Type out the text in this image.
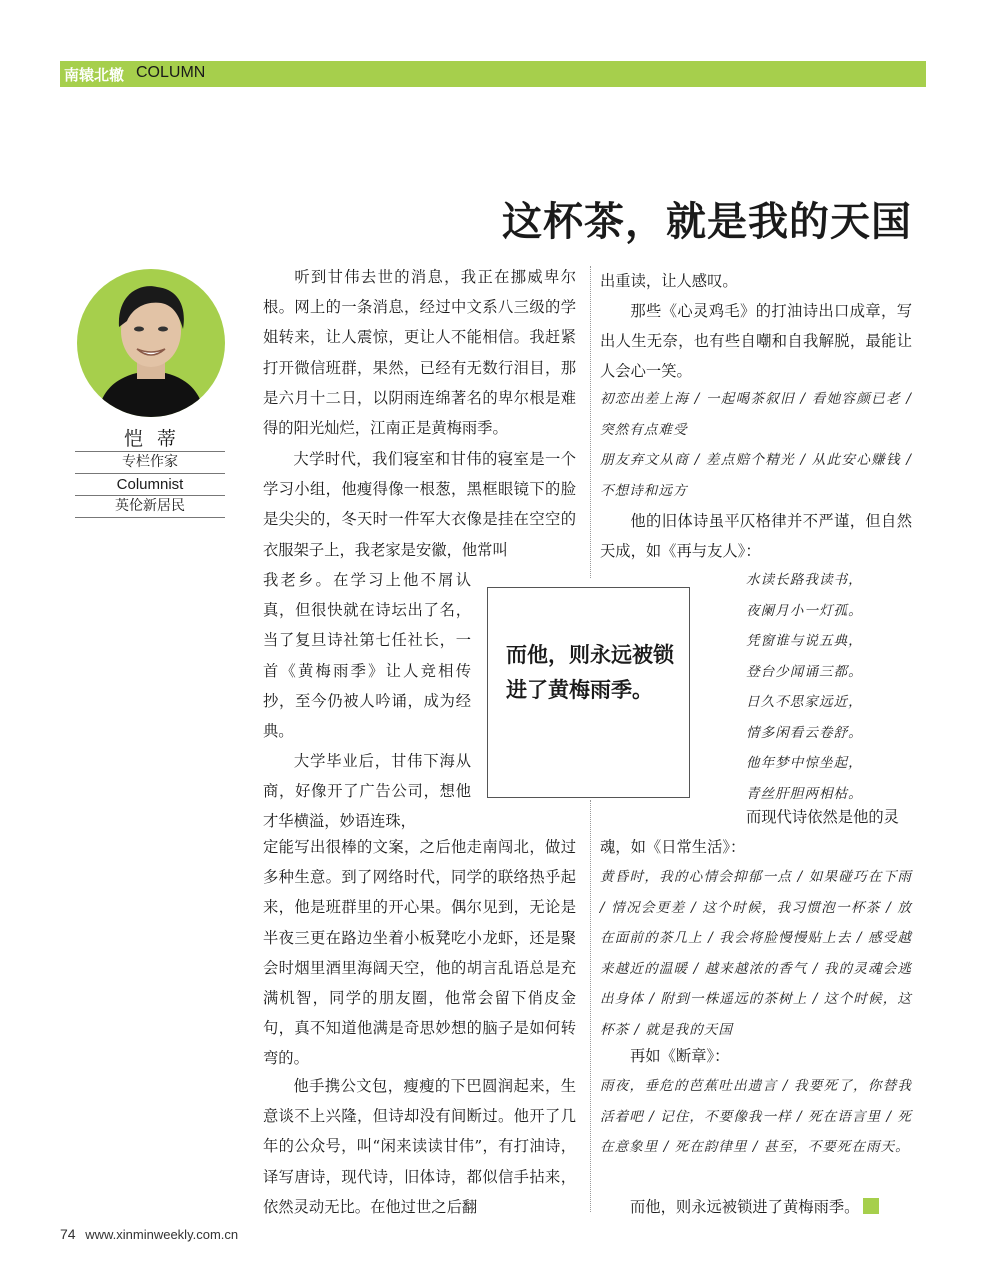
南辕北辙 COLUMN
这杯茶，就是我的天国
恺蒂
专栏作家
Columnist
英伦新居民
听到甘伟去世的消息，我正在挪威卑尔根。网上的一条消息，经过中文系八三级的学姐转来，让人震惊，更让人不能相信。我赶紧打开微信班群，果然，已经有无数行泪目，那是六月十二日，以阴雨连绵著名的卑尔根是难得的阳光灿烂，江南正是黄梅雨季。
大学时代，我们寝室和甘伟的寝室是一个学习小组，他瘦得像一根葱，黑框眼镜下的脸是尖尖的，冬天时一件军大衣像是挂在空空的衣服架子上，我老家是安徽，他常叫
我老乡。在学习上他不屑认真，但很快就在诗坛出了名，当了复旦诗社第七任社长，一首《黄梅雨季》让人竞相传抄，至今仍被人吟诵，成为经典。
大学毕业后，甘伟下海从商，好像开了广告公司，想他才华横溢，妙语连珠，
定能写出很棒的文案，之后他走南闯北，做过多种生意。到了网络时代，同学的联络热乎起来，他是班群里的开心果。偶尔见到，无论是半夜三更在路边坐着小板凳吃小龙虾，还是聚会时烟里酒里海阔天空，他的胡言乱语总是充满机智，同学的朋友圈，他常会留下俏皮金句，真不知道他满是奇思妙想的脑子是如何转弯的。
他手携公文包，瘦瘦的下巴圆润起来，生意谈不上兴隆，但诗却没有间断过。他开了几年的公众号，叫“闲来读读甘伟”，有打油诗，译写唐诗，现代诗，旧体诗，都似信手拈来，依然灵动无比。在他过世之后翻
而他，则永远被锁进了黄梅雨季。
出重读，让人感叹。
那些《心灵鸡毛》的打油诗出口成章，写出人生无奈，也有些自嘲和自我解脱，最能让人会心一笑。
初恋出差上海 / 一起喝茶叙旧 / 看她容颜已老 / 突然有点难受
朋友弃文从商 / 差点赔个精光 / 从此安心赚钱 / 不想诗和远方
他的旧体诗虽平仄格律并不严谨，但自然天成，如《再与友人》：
水读长路我读书，
夜阑月小一灯孤。
凭窗谁与说五典，
登台少闻诵三都。
日久不思家远近，
情多闲看云卷舒。
他年梦中惊坐起，
青丝肝胆两相枯。
而现代诗依然是他的灵
魂，如《日常生活》：
黄昏时，我的心情会抑郁一点 / 如果碰巧在下雨 / 情况会更差 / 这个时候，我习惯泡一杯茶 / 放在面前的茶几上 / 我会将脸慢慢贴上去 / 感受越来越近的温暖 / 越来越浓的香气 / 我的灵魂会逃出身体 / 附到一株遥远的茶树上 / 这个时候，这杯茶 / 就是我的天国
再如《断章》：
雨夜，垂危的芭蕉吐出遗言 / 我要死了，你替我活着吧 / 记住，不要像我一样 / 死在语言里 / 死在意象里 / 死在韵律里 / 甚至，不要死在雨天。
而他，则永远被锁进了黄梅雨季。
74 www.xinminweekly.com.cn
